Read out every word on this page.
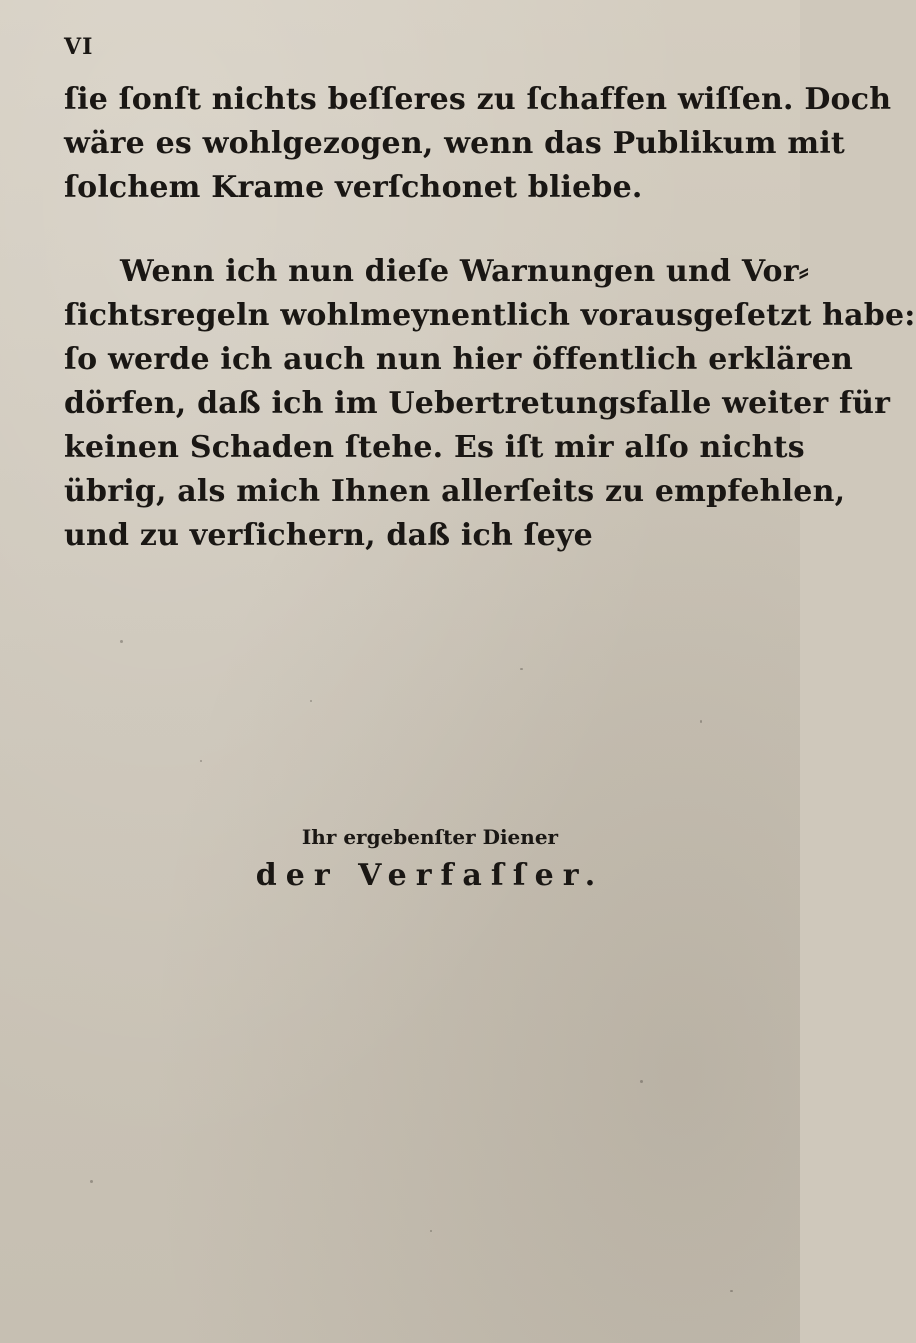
VI

ſie ſonſt nichts beſſeres zu ſchaffen wiſſen. Doch
wäre es wohlgezogen, wenn das Publikum mit
ſolchem Krame verſchonet bliebe.
Wenn ich nun dieſe Warnungen und Vor⸗
ſichtsregeln wohlmeynentlich vorausgeſetzt habe:
ſo werde ich auch nun hier öffentlich erklären
dörfen, daß ich im Uebertretungsfalle weiter für
keinen Schaden ſtehe. Es iſt mir alſo nichts
übrig, als mich Ihnen allerſeits zu empfehlen,
und zu verſichern, daß ich ſeye

Ihr ergebenſter Diener

der Verfaſſer.
